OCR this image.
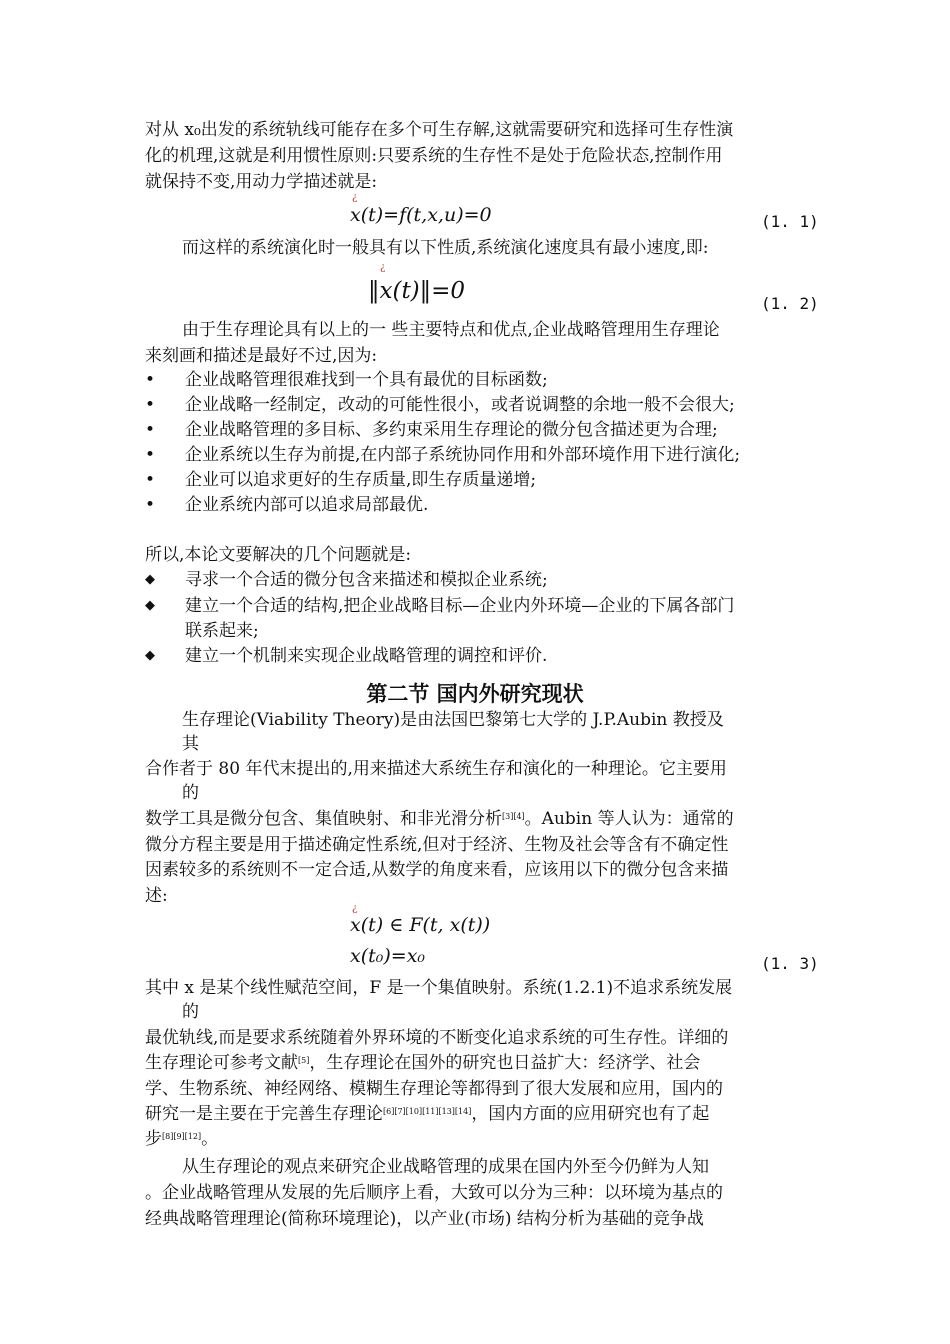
对从 x₀出发的系统轨线可能存在多个可生存解,这就需要研究和选择可生存性演

化的机理,这就是利用惯性原则:只要系统的生存性不是处于危险状态,控制作用

就保持不变,用动力学描述就是:

¿
x(t)=f(t,x,u)=0	(1. 1)

而这样的系统演化时一般具有以下性质,系统演化速度具有最小速度,即:

¿
‖x(t)‖=0	(1. 2)

由于生存理论具有以上的一 些主要特点和优点,企业战略管理用生存理论

来刻画和描述是最好不过,因为:

• 企业战略管理很难找到一个具有最优的目标函数;

• 企业战略一经制定，改动的可能性很小，或者说调整的余地一般不会很大;

• 企业战略管理的多目标、多约束采用生存理论的微分包含描述更为合理;

• 企业系统以生存为前提,在内部子系统协同作用和外部环境作用下进行演化;

• 企业可以追求更好的生存质量,即生存质量递增;

• 企业系统内部可以追求局部最优.

所以,本论文要解决的几个问题就是:

◆ 寻求一个合适的微分包含来描述和模拟企业系统;

◆ 建立一个合适的结构,把企业战略目标—企业内外环境—企业的下属各部门

联系起来;

◆ 建立一个机制来实现企业战略管理的调控和评价.

第二节 国内外研究现状

生存理论(Viability Theory)是由法国巴黎第七大学的 J.P.Aubin 教授及

其

合作者于 80 年代末提出的,用来描述大系统生存和演化的一种理论。它主要用

的

数学工具是微分包含、集值映射、和非光滑分析[3][4]。Aubin 等人认为：通常的

微分方程主要是用于描述确定性系统,但对于经济、生物及社会等含有不确定性

因素较多的系统则不一定合适,从数学的角度来看，应该用以下的微分包含来描

述:

¿
x(t) ∈ F(t, x(t))
x(t₀)=x₀	(1. 3)

其中 x 是某个线性赋范空间，F 是一个集值映射。系统(1.2.1)不追求系统发展

的

最优轨线,而是要求系统随着外界环境的不断变化追求系统的可生存性。详细的

生存理论可参考文献[5]，生存理论在国外的研究也日益扩大：经济学、社会

学、生物系统、神经网络、模糊生存理论等都得到了很大发展和应用，国内的

研究一是主要在于完善生存理论[6][7][10][11][13][14]，国内方面的应用研究也有了起

步[8][9][12]。

从生存理论的观点来研究企业战略管理的成果在国内外至今仍鲜为人知

。企业战略管理从发展的先后顺序上看，大致可以分为三种：以环境为基点的

经典战略管理理论(简称环境理论)，以产业(市场) 结构分析为基础的竞争战
